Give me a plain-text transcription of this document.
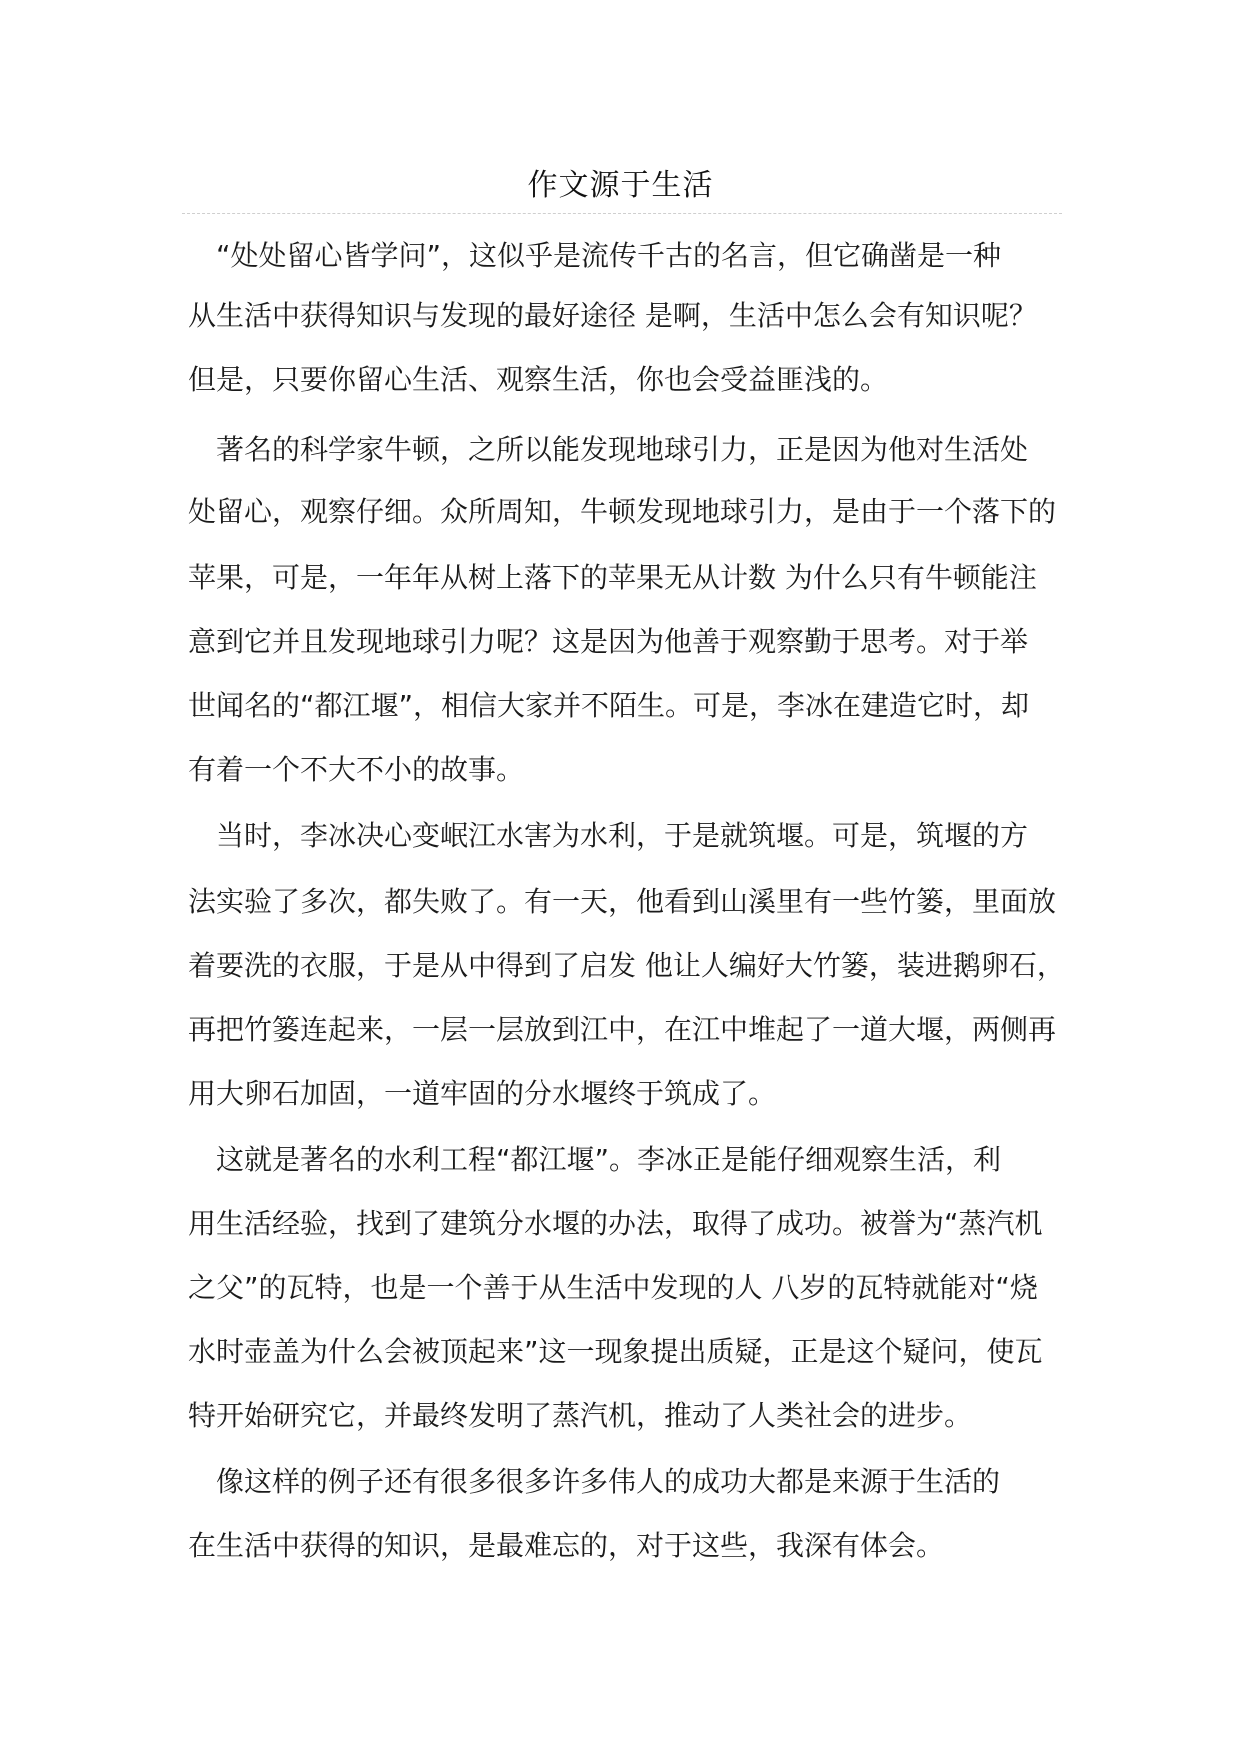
作文源于生活
　“处处留心皆学问”，这似乎是流传千古的名言，但它确凿是一种
从生活中获得知识与发现的最好途径 是啊，生活中怎么会有知识呢？
但是，只要你留心生活、观察生活，你也会受益匪浅的。
　著名的科学家牛顿，之所以能发现地球引力，正是因为他对生活处
处留心，观察仔细。众所周知，牛顿发现地球引力，是由于一个落下的
苹果，可是，一年年从树上落下的苹果无从计数 为什么只有牛顿能注
意到它并且发现地球引力呢？这是因为他善于观察勤于思考。对于举
世闻名的“都江堰”，相信大家并不陌生。可是，李冰在建造它时，却
有着一个不大不小的故事。
　当时，李冰决心变岷江水害为水利，于是就筑堰。可是，筑堰的方
法实验了多次，都失败了。有一天，他看到山溪里有一些竹篓，里面放
着要洗的衣服，于是从中得到了启发 他让人编好大竹篓，装进鹅卵石，
再把竹篓连起来，一层一层放到江中，在江中堆起了一道大堰，两侧再
用大卵石加固，一道牢固的分水堰终于筑成了。
　这就是著名的水利工程“都江堰”。李冰正是能仔细观察生活，利
用生活经验，找到了建筑分水堰的办法，取得了成功。被誉为“蒸汽机
之父”的瓦特，也是一个善于从生活中发现的人 八岁的瓦特就能对“烧
水时壶盖为什么会被顶起来”这一现象提出质疑，正是这个疑问，使瓦
特开始研究它，并最终发明了蒸汽机，推动了人类社会的进步。
　像这样的例子还有很多很多许多伟人的成功大都是来源于生活的
在生活中获得的知识，是最难忘的，对于这些，我深有体会。
